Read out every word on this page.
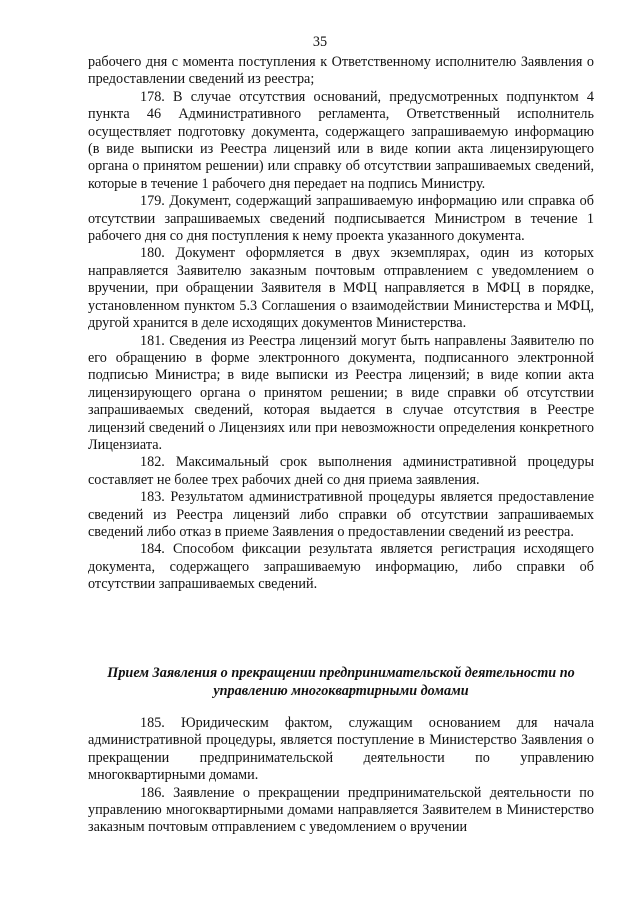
35

рабочего дня с момента поступления к Ответственному исполнителю Заявления о предоставлении сведений из реестра;

178. В случае отсутствия оснований, предусмотренных подпунктом 4 пункта 46 Административного регламента, Ответственный исполнитель осуществляет подготовку документа, содержащего запрашиваемую информацию (в виде выписки из Реестра лицензий или в виде копии акта лицензирующего органа о принятом решении) или справку об отсутствии запрашиваемых сведений, которые в течение 1 рабочего дня передает на подпись Министру.

179. Документ, содержащий запрашиваемую информацию или справка об отсутствии запрашиваемых сведений подписывается Министром в течение 1 рабочего дня со дня поступления к нему проекта указанного документа.

180. Документ оформляется в двух экземплярах, один из которых направляется Заявителю заказным почтовым отправлением с уведомлением о вручении, при обращении Заявителя в МФЦ направляется в МФЦ в порядке, установленном пунктом 5.3 Соглашения о взаимодействии Министерства и МФЦ, другой хранится в деле исходящих документов Министерства.

181. Сведения из Реестра лицензий могут быть направлены Заявителю по его обращению в форме электронного документа, подписанного электронной подписью Министра; в виде выписки из Реестра лицензий; в виде копии акта лицензирующего органа о принятом решении; в виде справки об отсутствии запрашиваемых сведений, которая выдается в случае отсутствия в Реестре лицензий сведений о Лицензиях или при невозможности определения конкретного Лицензиата.

182. Максимальный срок выполнения административной процедуры составляет не более трех рабочих дней со дня приема заявления.

183. Результатом административной процедуры является предоставление сведений из Реестра лицензий либо справки об отсутствии запрашиваемых сведений либо отказ в приеме Заявления о предоставлении сведений из реестра.

184. Способом фиксации результата является регистрация исходящего документа, содержащего запрашиваемую информацию, либо справки об отсутствии запрашиваемых сведений.

Прием Заявления о прекращении предпринимательской деятельности по управлению многоквартирными домами

185. Юридическим фактом, служащим основанием для начала административной процедуры, является поступление в Министерство Заявления о прекращении предпринимательской деятельности по управлению многоквартирными домами.

186. Заявление о прекращении предпринимательской деятельности по управлению многоквартирными домами направляется Заявителем в Министерство заказным почтовым отправлением с уведомлением о вручении
